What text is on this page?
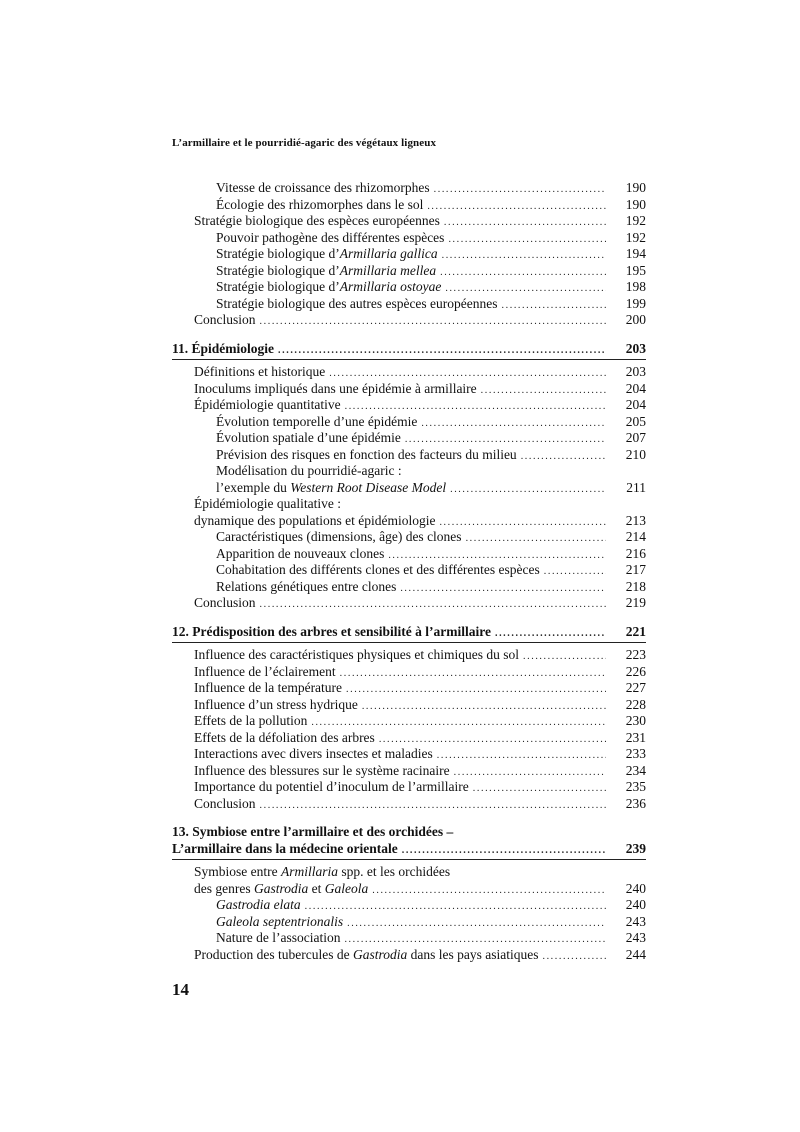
L’armillaire et le pourridié-agaric des végétaux ligneux
Vitesse de croissance des rhizomorphes .....	190
Écologie des rhizomorphes dans le sol .....	190
Stratégie biologique des espèces européennes .....	192
Pouvoir pathogène des différentes espèces .....	192
Stratégie biologique d’Armillaria gallica .....	194
Stratégie biologique d’Armillaria mellea .....	195
Stratégie biologique d’Armillaria ostoyae .....	198
Stratégie biologique des autres espèces européennes .....	199
Conclusion .....	200
11. Épidémiologie .....	203
Définitions et historique .....	203
Inoculums impliqués dans une épidémie à armillaire .....	204
Épidémiologie quantitative .....	204
Évolution temporelle d’une épidémie .....	205
Évolution spatiale d’une épidémie .....	207
Prévision des risques en fonction des facteurs du milieu .....	210
Modélisation du pourridié-agaric :
l’exemple du Western Root Disease Model .....	211
Épidémiologie qualitative :
dynamique des populations et épidémiologie .....	213
Caractéristiques (dimensions, âge) des clones .....	214
Apparition de nouveaux clones .....	216
Cohabitation des différents clones et des différentes espèces .....	217
Relations génétiques entre clones .....	218
Conclusion .....	219
12. Prédisposition des arbres et sensibilité à l’armillaire .....	221
Influence des caractéristiques physiques et chimiques du sol .....	223
Influence de l’éclairement .....	226
Influence de la température .....	227
Influence d’un stress hydrique .....	228
Effets de la pollution .....	230
Effets de la défoliation des arbres .....	231
Interactions avec divers insectes et maladies .....	233
Influence des blessures sur le système racinaire .....	234
Importance du potentiel d’inoculum de l’armillaire .....	235
Conclusion .....	236
13. Symbiose entre l’armillaire et des orchidées –
L’armillaire dans la médecine orientale .....	239
Symbiose entre Armillaria spp. et les orchidées
des genres Gastrodia et Galeola .....	240
Gastrodia elata .....	240
Galeola septentrionalis .....	243
Nature de l’association .....	243
Production des tubercules de Gastrodia dans les pays asiatiques .....	244
14
